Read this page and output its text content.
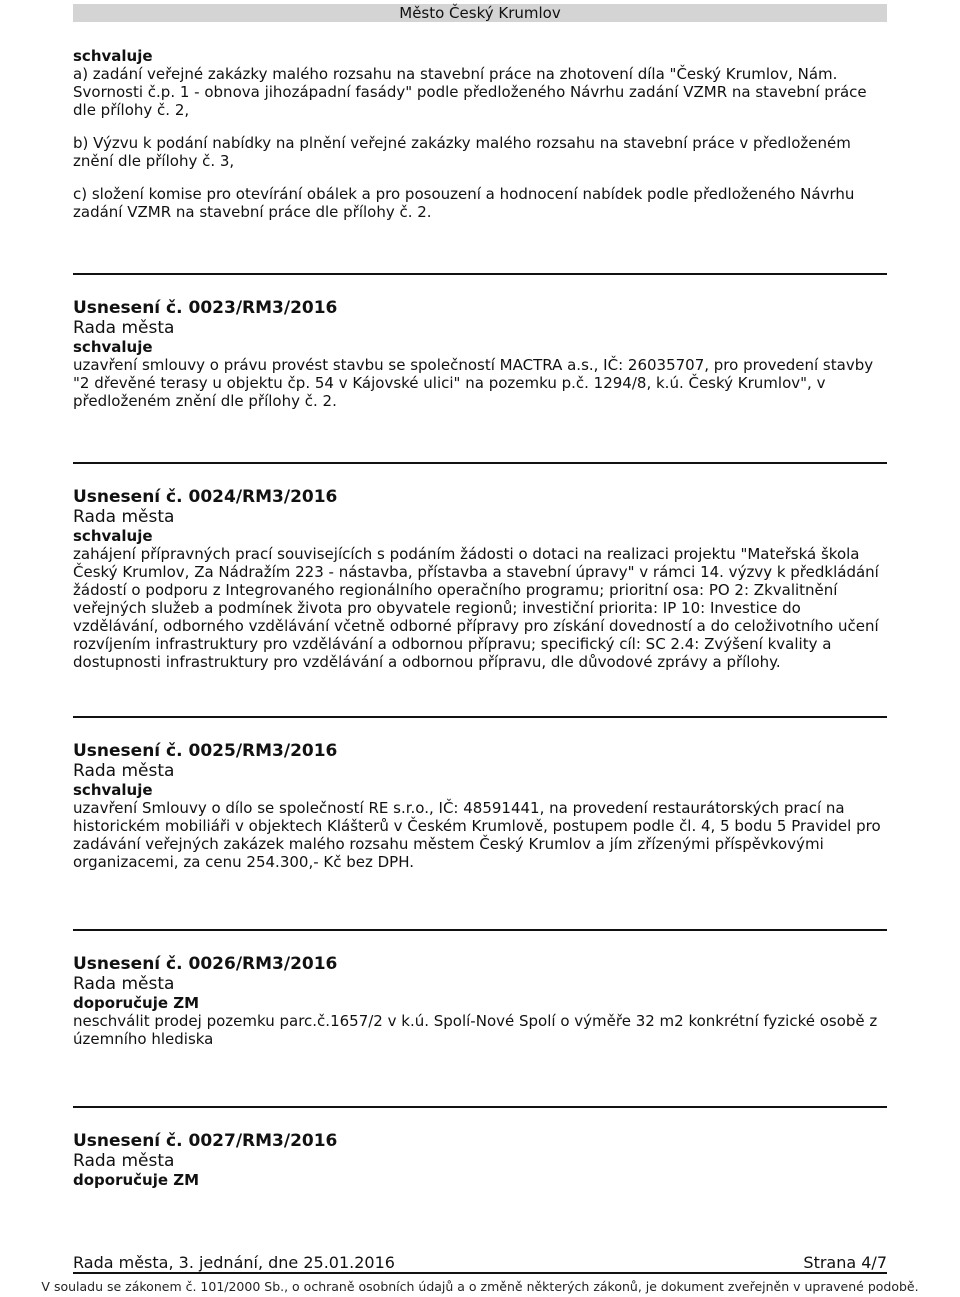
Město Český Krumlov
schvaluje

a) zadání veřejné zakázky malého rozsahu na stavební práce na zhotovení díla "Český Krumlov, Nám. Svornosti č.p. 1 - obnova jihozápadní fasády" podle předloženého Návrhu zadání VZMR na stavební práce dle přílohy č. 2,

b) Výzvu k podání nabídky na plnění veřejné zakázky malého rozsahu na stavební práce v předloženém znění dle přílohy č. 3,

c) složení komise pro otevírání obálek a pro posouzení a hodnocení nabídek podle předloženého Návrhu zadání VZMR na stavební práce dle přílohy č. 2.

Usnesení č. 0023/RM3/2016
Rada města
schvaluje

uzavření smlouvy o právu provést stavbu se společností MACTRA a.s., IČ: 26035707, pro provedení stavby "2 dřevěné terasy u objektu čp. 54 v Kájovské ulici" na pozemku p.č. 1294/8, k.ú. Český Krumlov", v předloženém znění dle přílohy č. 2.

Usnesení č. 0024/RM3/2016
Rada města
schvaluje

zahájení přípravných prací souvisejících s podáním žádosti o dotaci na realizaci projektu "Mateřská škola Český Krumlov, Za Nádražím 223 - nástavba, přístavba a stavební úpravy" v rámci 14. výzvy k předkládání žádostí o podporu z Integrovaného regionálního operačního programu; prioritní osa: PO 2: Zkvalitnění veřejných služeb a podmínek života pro obyvatele regionů; investiční priorita: IP 10: Investice do vzdělávání, odborného vzdělávání včetně odborné přípravy pro získání dovedností a do celoživotního učení rozvíjením infrastruktury pro vzdělávání a odbornou přípravu; specifický cíl: SC 2.4: Zvýšení kvality a dostupnosti infrastruktury pro vzdělávání a odbornou přípravu, dle důvodové zprávy a přílohy.

Usnesení č. 0025/RM3/2016
Rada města
schvaluje

uzavření Smlouvy o dílo se společností RE s.r.o., IČ: 48591441, na provedení restaurátorských prací na historickém mobiliáři v objektech Klášterů v Českém Krumlově, postupem podle čl. 4, 5 bodu 5 Pravidel pro zadávání veřejných zakázek malého rozsahu městem Český Krumlov a jím zřízenými příspěvkovými organizacemi, za cenu 254.300,- Kč bez DPH.

Usnesení č. 0026/RM3/2016
Rada města
doporučuje ZM

neschválit prodej pozemku parc.č.1657/2 v k.ú. Spolí-Nové Spolí o výměře 32 m2 konkrétní fyzické osobě z územního hlediska

Usnesení č. 0027/RM3/2016
Rada města
doporučuje ZM
Rada města, 3. jednání, dne 25.01.2016	Strana 4/7
V souladu se zákonem č. 101/2000 Sb., o ochraně osobních údajů a o změně některých zákonů, je dokument zveřejněn v upravené podobě.
